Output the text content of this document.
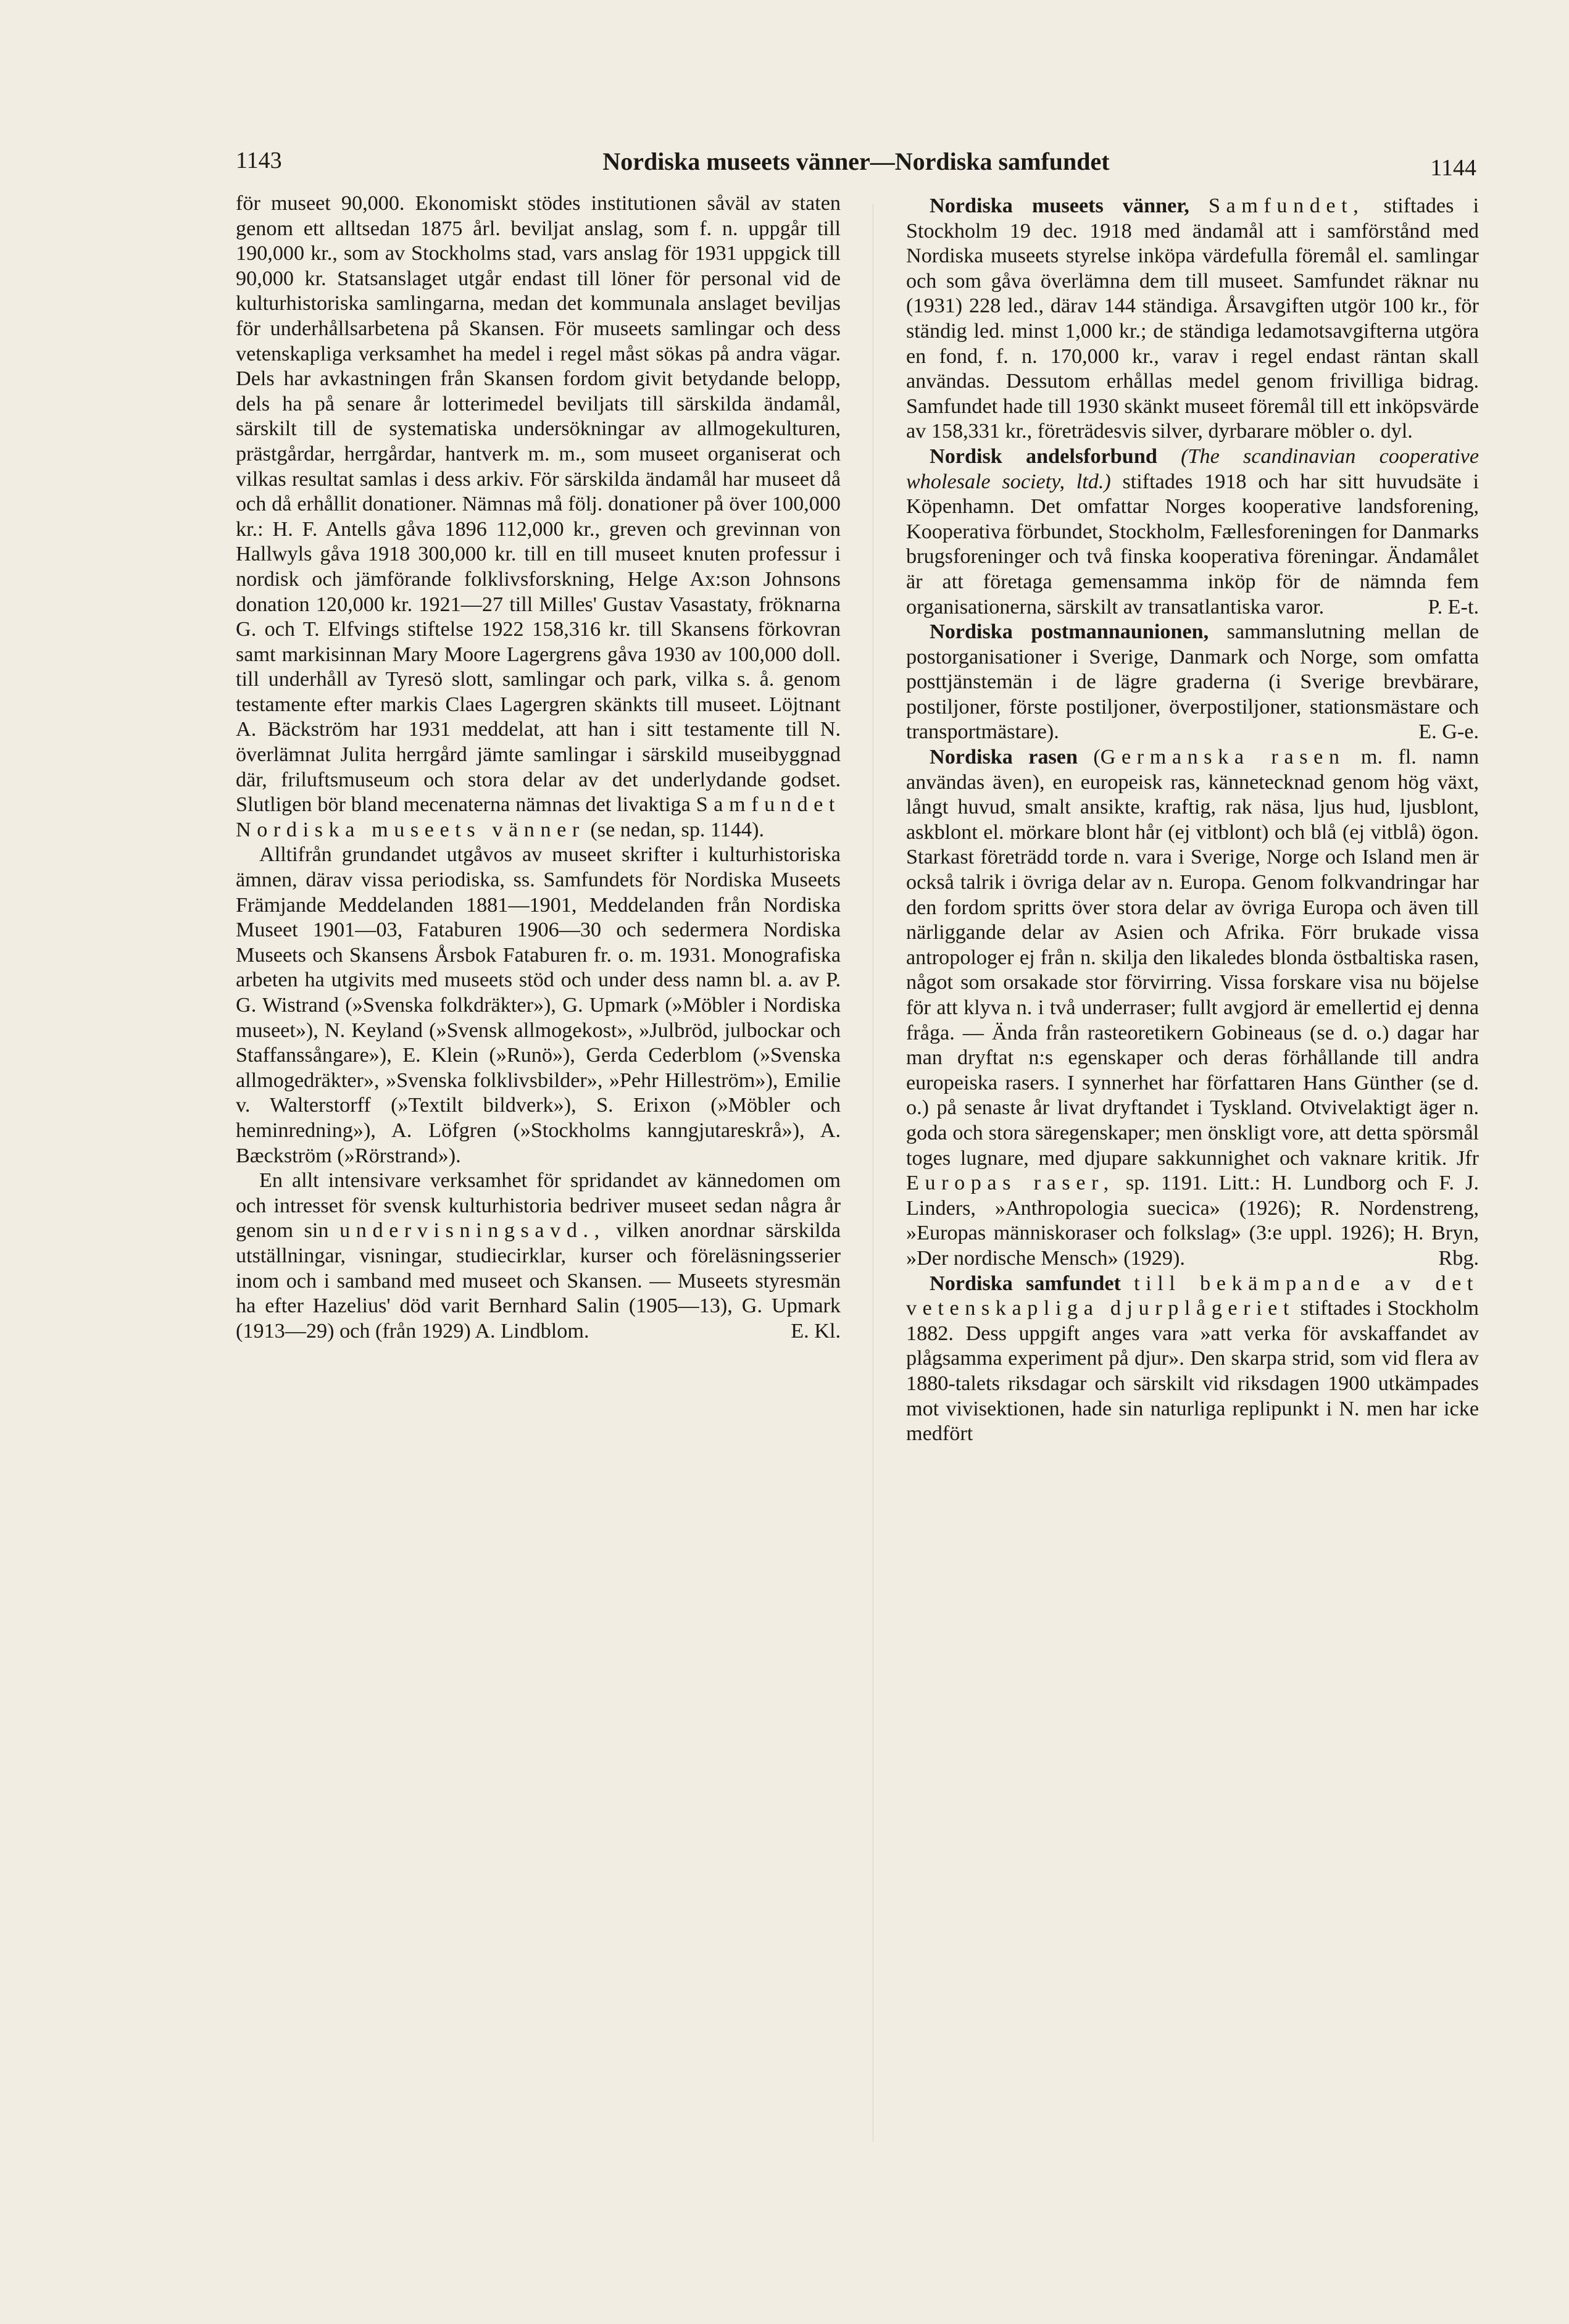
1143	Nordiska museets vänner—Nordiska samfundet	1144

för museet 90,000. Ekonomiskt stödes institutionen såväl av staten genom ett alltsedan 1875 årl. beviljat anslag, som f. n. uppgår till 190,000 kr., som av Stockholms stad, vars anslag för 1931 uppgick till 90,000 kr. Statsanslaget utgår endast till löner för personal vid de kulturhistoriska samlingarna, medan det kommunala anslaget beviljas för underhållsarbetena på Skansen. För museets samlingar och dess vetenskapliga verksamhet ha medel i regel måst sökas på andra vägar. Dels har avkastningen från Skansen fordom givit betydande belopp, dels ha på senare år lotterimedel beviljats till särskilda ändamål, särskilt till de systematiska undersökningar av allmogekulturen, prästgårdar, herrgårdar, hantverk m. m., som museet organiserat och vilkas resultat samlas i dess arkiv. För särskilda ändamål har museet då och då erhållit donationer. Nämnas må följ. donationer på över 100,000 kr.: H. F. Antells gåva 1896 112,000 kr., greven och grevinnan von Hallwyls gåva 1918 300,000 kr. till en till museet knuten professur i nordisk och jämförande folklivsforskning, Helge Ax:son Johnsons donation 120,000 kr. 1921—27 till Milles' Gustav Vasastaty, fröknarna G. och T. Elfvings stiftelse 1922 158,316 kr. till Skansens förkovran samt markisinnan Mary Moore Lagergrens gåva 1930 av 100,000 doll. till underhåll av Tyresö slott, samlingar och park, vilka s. å. genom testamente efter markis Claes Lagergren skänkts till museet. Löjtnant A. Bäckström har 1931 meddelat, att han i sitt testamente till N. överlämnat Julita herrgård jämte samlingar i särskild museibyggnad där, friluftsmuseum och stora delar av det underlydande godset. Slutligen bör bland mecenaterna nämnas det livaktiga Samfundet Nordiska museets vänner (se nedan, sp. 1144).

Alltifrån grundandet utgåvos av museet skrifter i kulturhistoriska ämnen, därav vissa periodiska, ss. Samfundets för Nordiska Museets Främjande Meddelanden 1881—1901, Meddelanden från Nordiska Museet 1901—03, Fataburen 1906—30 och sedermera Nordiska Museets och Skansens Årsbok Fataburen fr. o. m. 1931. Monografiska arbeten ha utgivits med museets stöd och under dess namn bl. a. av P. G. Wistrand (»Svenska folkdräkter»), G. Upmark (»Möbler i Nordiska museet»), N. Keyland (»Svensk allmogekost», »Julbröd, julbockar och Staffanssångare»), E. Klein (»Runö»), Gerda Cederblom (»Svenska allmogedräkter», »Svenska folklivsbilder», »Pehr Hilleström»), Emilie v. Walterstorff (»Textilt bildverk»), S. Erixon (»Möbler och heminredning»), A. Löfgren (»Stockholms kanngjutareskrå»), A. Bæckström (»Rörstrand»).

En allt intensivare verksamhet för spridandet av kännedomen om och intresset för svensk kulturhistoria bedriver museet sedan några år genom sin undervisningsavd., vilken anordnar särskilda utställningar, visningar, studiecirklar, kurser och föreläsningsserier inom och i samband med museet och Skansen. — Museets styresmän ha efter Hazelius' död varit Bernhard Salin (1905—13), G. Upmark (1913—29) och (från 1929) A. Lindblom.	E. Kl.

Nordiska museets vänner, Samfundet, stiftades i Stockholm 19 dec. 1918 med ändamål att i samförstånd med Nordiska museets styrelse inköpa värdefulla föremål el. samlingar och som gåva överlämna dem till museet. Samfundet räknar nu (1931) 228 led., därav 144 ständiga. Årsavgiften utgör 100 kr., för ständig led. minst 1,000 kr.; de ständiga ledamotsavgifterna utgöra en fond, f. n. 170,000 kr., varav i regel endast räntan skall användas. Dessutom erhållas medel genom frivilliga bidrag. Samfundet hade till 1930 skänkt museet föremål till ett inköpsvärde av 158,331 kr., företrädesvis silver, dyrbarare möbler o. dyl.

Nordisk andelsforbund (The scandinavian cooperative wholesale society, ltd.) stiftades 1918 och har sitt huvudsäte i Köpenhamn. Det omfattar Norges kooperative landsforening, Kooperativa förbundet, Stockholm, Fællesforeningen for Danmarks brugsforeninger och två finska kooperativa föreningar. Ändamålet är att företaga gemensamma inköp för de nämnda fem organisationerna, särskilt av transatlantiska varor.	P. E-t.

Nordiska postmannaunionen, sammanslutning mellan de postorganisationer i Sverige, Danmark och Norge, som omfatta posttjänstemän i de lägre graderna (i Sverige brevbärare, postiljoner, förste postiljoner, överpostiljoner, stationsmästare och transportmästare).	E. G-e.

Nordiska rasen (Germanska rasen m. fl. namn användas även), en europeisk ras, kännetecknad genom hög växt, långt huvud, smalt ansikte, kraftig, rak näsa, ljus hud, ljusblont, askblont el. mörkare blont hår (ej vitblont) och blå (ej vitblå) ögon. Starkast företrädd torde n. vara i Sverige, Norge och Island men är också talrik i övriga delar av n. Europa. Genom folkvandringar har den fordom spritts över stora delar av övriga Europa och även till närliggande delar av Asien och Afrika. Förr brukade vissa antropologer ej från n. skilja den likaledes blonda östbaltiska rasen, något som orsakade stor förvirring. Vissa forskare visa nu böjelse för att klyva n. i två underraser; fullt avgjord är emellertid ej denna fråga. — Ända från rasteoretikern Gobineaus (se d. o.) dagar har man dryftat n:s egenskaper och deras förhållande till andra europeiska rasers. I synnerhet har författaren Hans Günther (se d. o.) på senaste år livat dryftandet i Tyskland. Otvivelaktigt äger n. goda och stora säregenskaper; men önskligt vore, att detta spörsmål toges lugnare, med djupare sakkunnighet och vaknare kritik. Jfr Europas raser, sp. 1191. Litt.: H. Lundborg och F. J. Linders, »Anthropologia suecica» (1926); R. Nordenstreng, »Europas människoraser och folkslag» (3:e uppl. 1926); H. Bryn, »Der nordische Mensch» (1929).	Rbg.

Nordiska samfundet till bekämpande av det vetenskapliga djurplågeriet stiftades i Stockholm 1882. Dess uppgift anges vara »att verka för avskaffandet av plågsamma experiment på djur». Den skarpa strid, som vid flera av 1880-talets riksdagar och särskilt vid riksdagen 1900 utkämpades mot vivisektionen, hade sin naturliga replipunkt i N. men har icke medfört
